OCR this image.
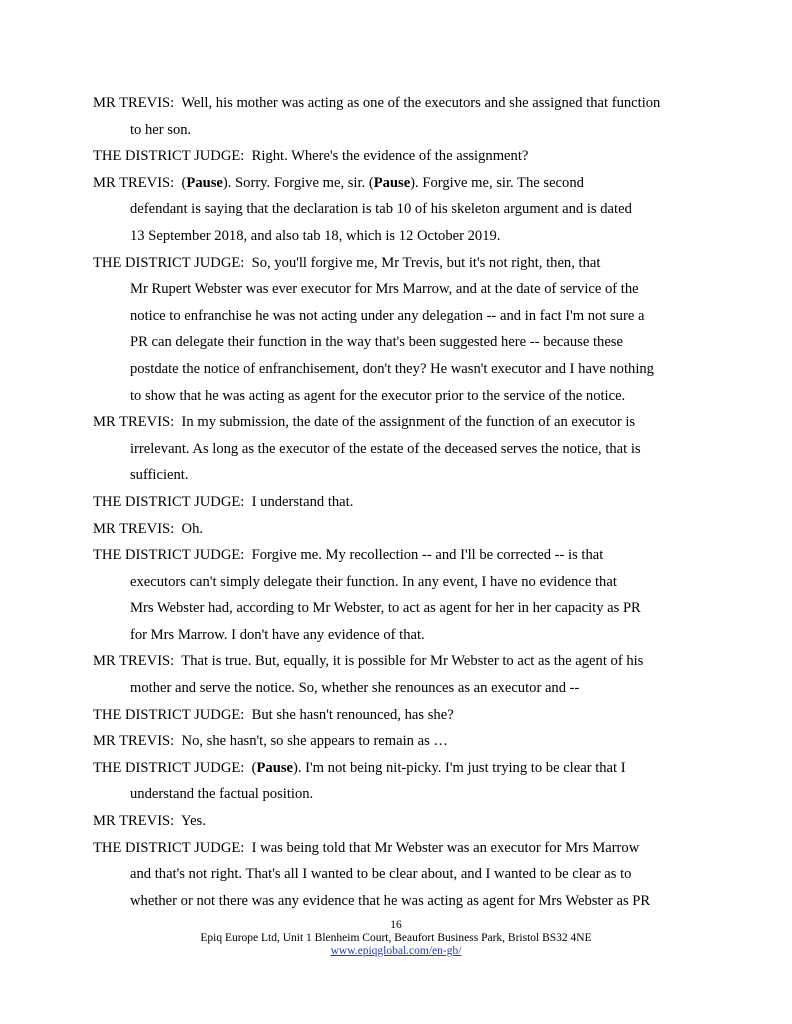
MR TREVIS: Well, his mother was acting as one of the executors and she assigned that function
to her son.
THE DISTRICT JUDGE: Right. Where's the evidence of the assignment?
MR TREVIS: (Pause). Sorry. Forgive me, sir. (Pause). Forgive me, sir. The second
defendant is saying that the declaration is tab 10 of his skeleton argument and is dated
13 September 2018, and also tab 18, which is 12 October 2019.
THE DISTRICT JUDGE: So, you'll forgive me, Mr Trevis, but it's not right, then, that
Mr Rupert Webster was ever executor for Mrs Marrow, and at the date of service of the
notice to enfranchise he was not acting under any delegation -- and in fact I'm not sure a
PR can delegate their function in the way that's been suggested here -- because these
postdate the notice of enfranchisement, don't they? He wasn't executor and I have nothing
to show that he was acting as agent for the executor prior to the service of the notice.
MR TREVIS: In my submission, the date of the assignment of the function of an executor is
irrelevant. As long as the executor of the estate of the deceased serves the notice, that is
sufficient.
THE DISTRICT JUDGE: I understand that.
MR TREVIS: Oh.
THE DISTRICT JUDGE: Forgive me. My recollection -- and I'll be corrected -- is that
executors can't simply delegate their function. In any event, I have no evidence that
Mrs Webster had, according to Mr Webster, to act as agent for her in her capacity as PR
for Mrs Marrow. I don't have any evidence of that.
MR TREVIS: That is true. But, equally, it is possible for Mr Webster to act as the agent of his
mother and serve the notice. So, whether she renounces as an executor and --
THE DISTRICT JUDGE: But she hasn't renounced, has she?
MR TREVIS: No, she hasn't, so she appears to remain as …
THE DISTRICT JUDGE: (Pause). I'm not being nit-picky. I'm just trying to be clear that I
understand the factual position.
MR TREVIS: Yes.
THE DISTRICT JUDGE: I was being told that Mr Webster was an executor for Mrs Marrow
and that's not right. That's all I wanted to be clear about, and I wanted to be clear as to
whether or not there was any evidence that he was acting as agent for Mrs Webster as PR
16
Epiq Europe Ltd, Unit 1 Blenheim Court, Beaufort Business Park, Bristol BS32 4NE
www.epiqglobal.com/en-gb/
